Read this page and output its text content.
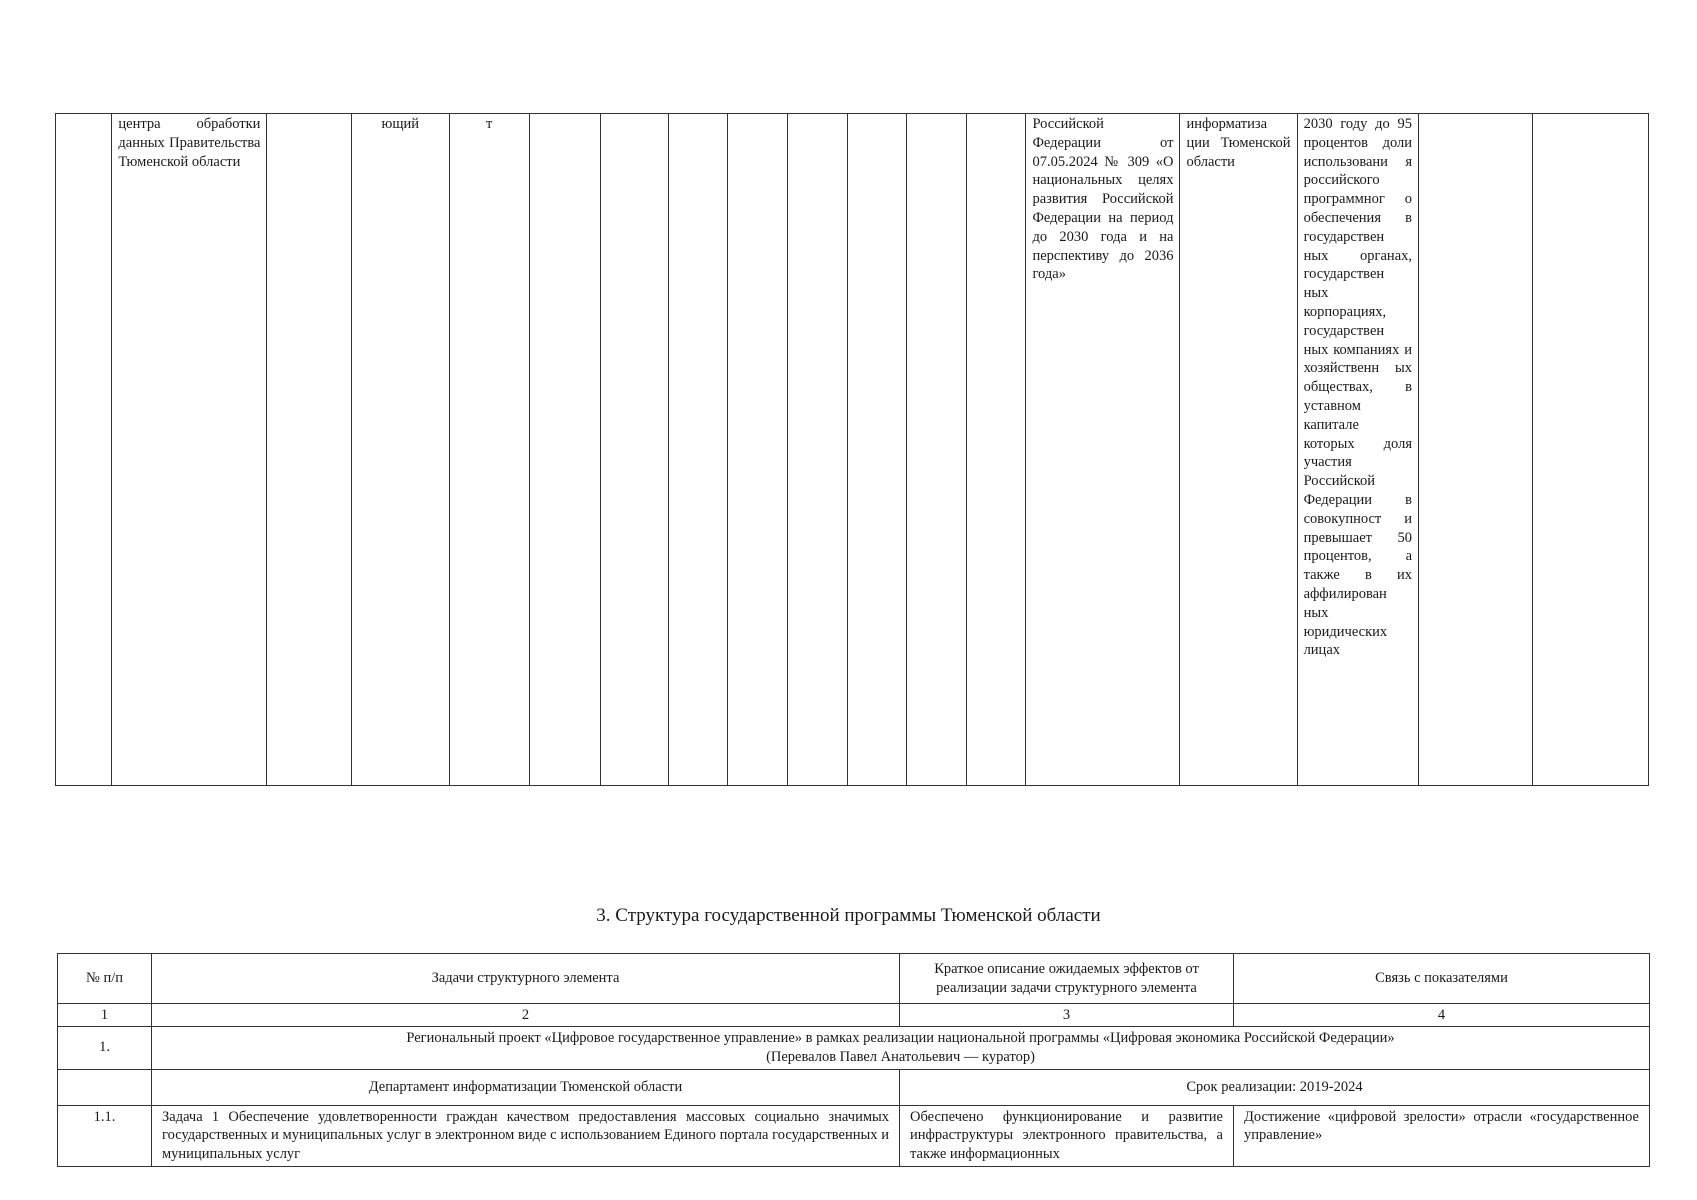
	центра обработки данных Правительства Тюменской области		ющий	т									Российской Федерации от 07.05.2024 № 309 «О национальных целях развития Российской Федерации на период до 2030 года и на перспективу до 2036 года»	информатиза ции Тюменской области	2030 году до 95 процентов доли использовани я российского программног о обеспечения в государствен ных органах, государствен ных корпорациях, государствен ных компаниях и хозяйственн ых обществах, в уставном капитале которых доля участия Российской Федерации в совокупност и превышает 50 процентов, а также в их аффилирован ных юридических лицах		
3. Структура государственной программы Тюменской области
№ п/п	Задачи структурного элемента	Краткое описание ожидаемых эффектов от реализации задачи структурного элемента	Связь с показателями
1	2	3	4
1.	Региональный проект «Цифровое государственное управление» в рамках реализации национальной программы «Цифровая экономика Российской Федерации»
(Перевалов Павел Анатольевич — куратор)		

	Департамент информатизации Тюменской области	Срок реализации: 2019-2024	
1.1.	Задача 1 Обеспечение удовлетворенности граждан качеством предоставления массовых социально значимых государственных и муниципальных услуг в электронном виде с использованием Единого портала государственных и муниципальных услуг	Обеспечено функционирование и развитие инфраструктуры электронного правительства, а также информационных	Достижение «цифровой зрелости» отрасли «государственное управление»
